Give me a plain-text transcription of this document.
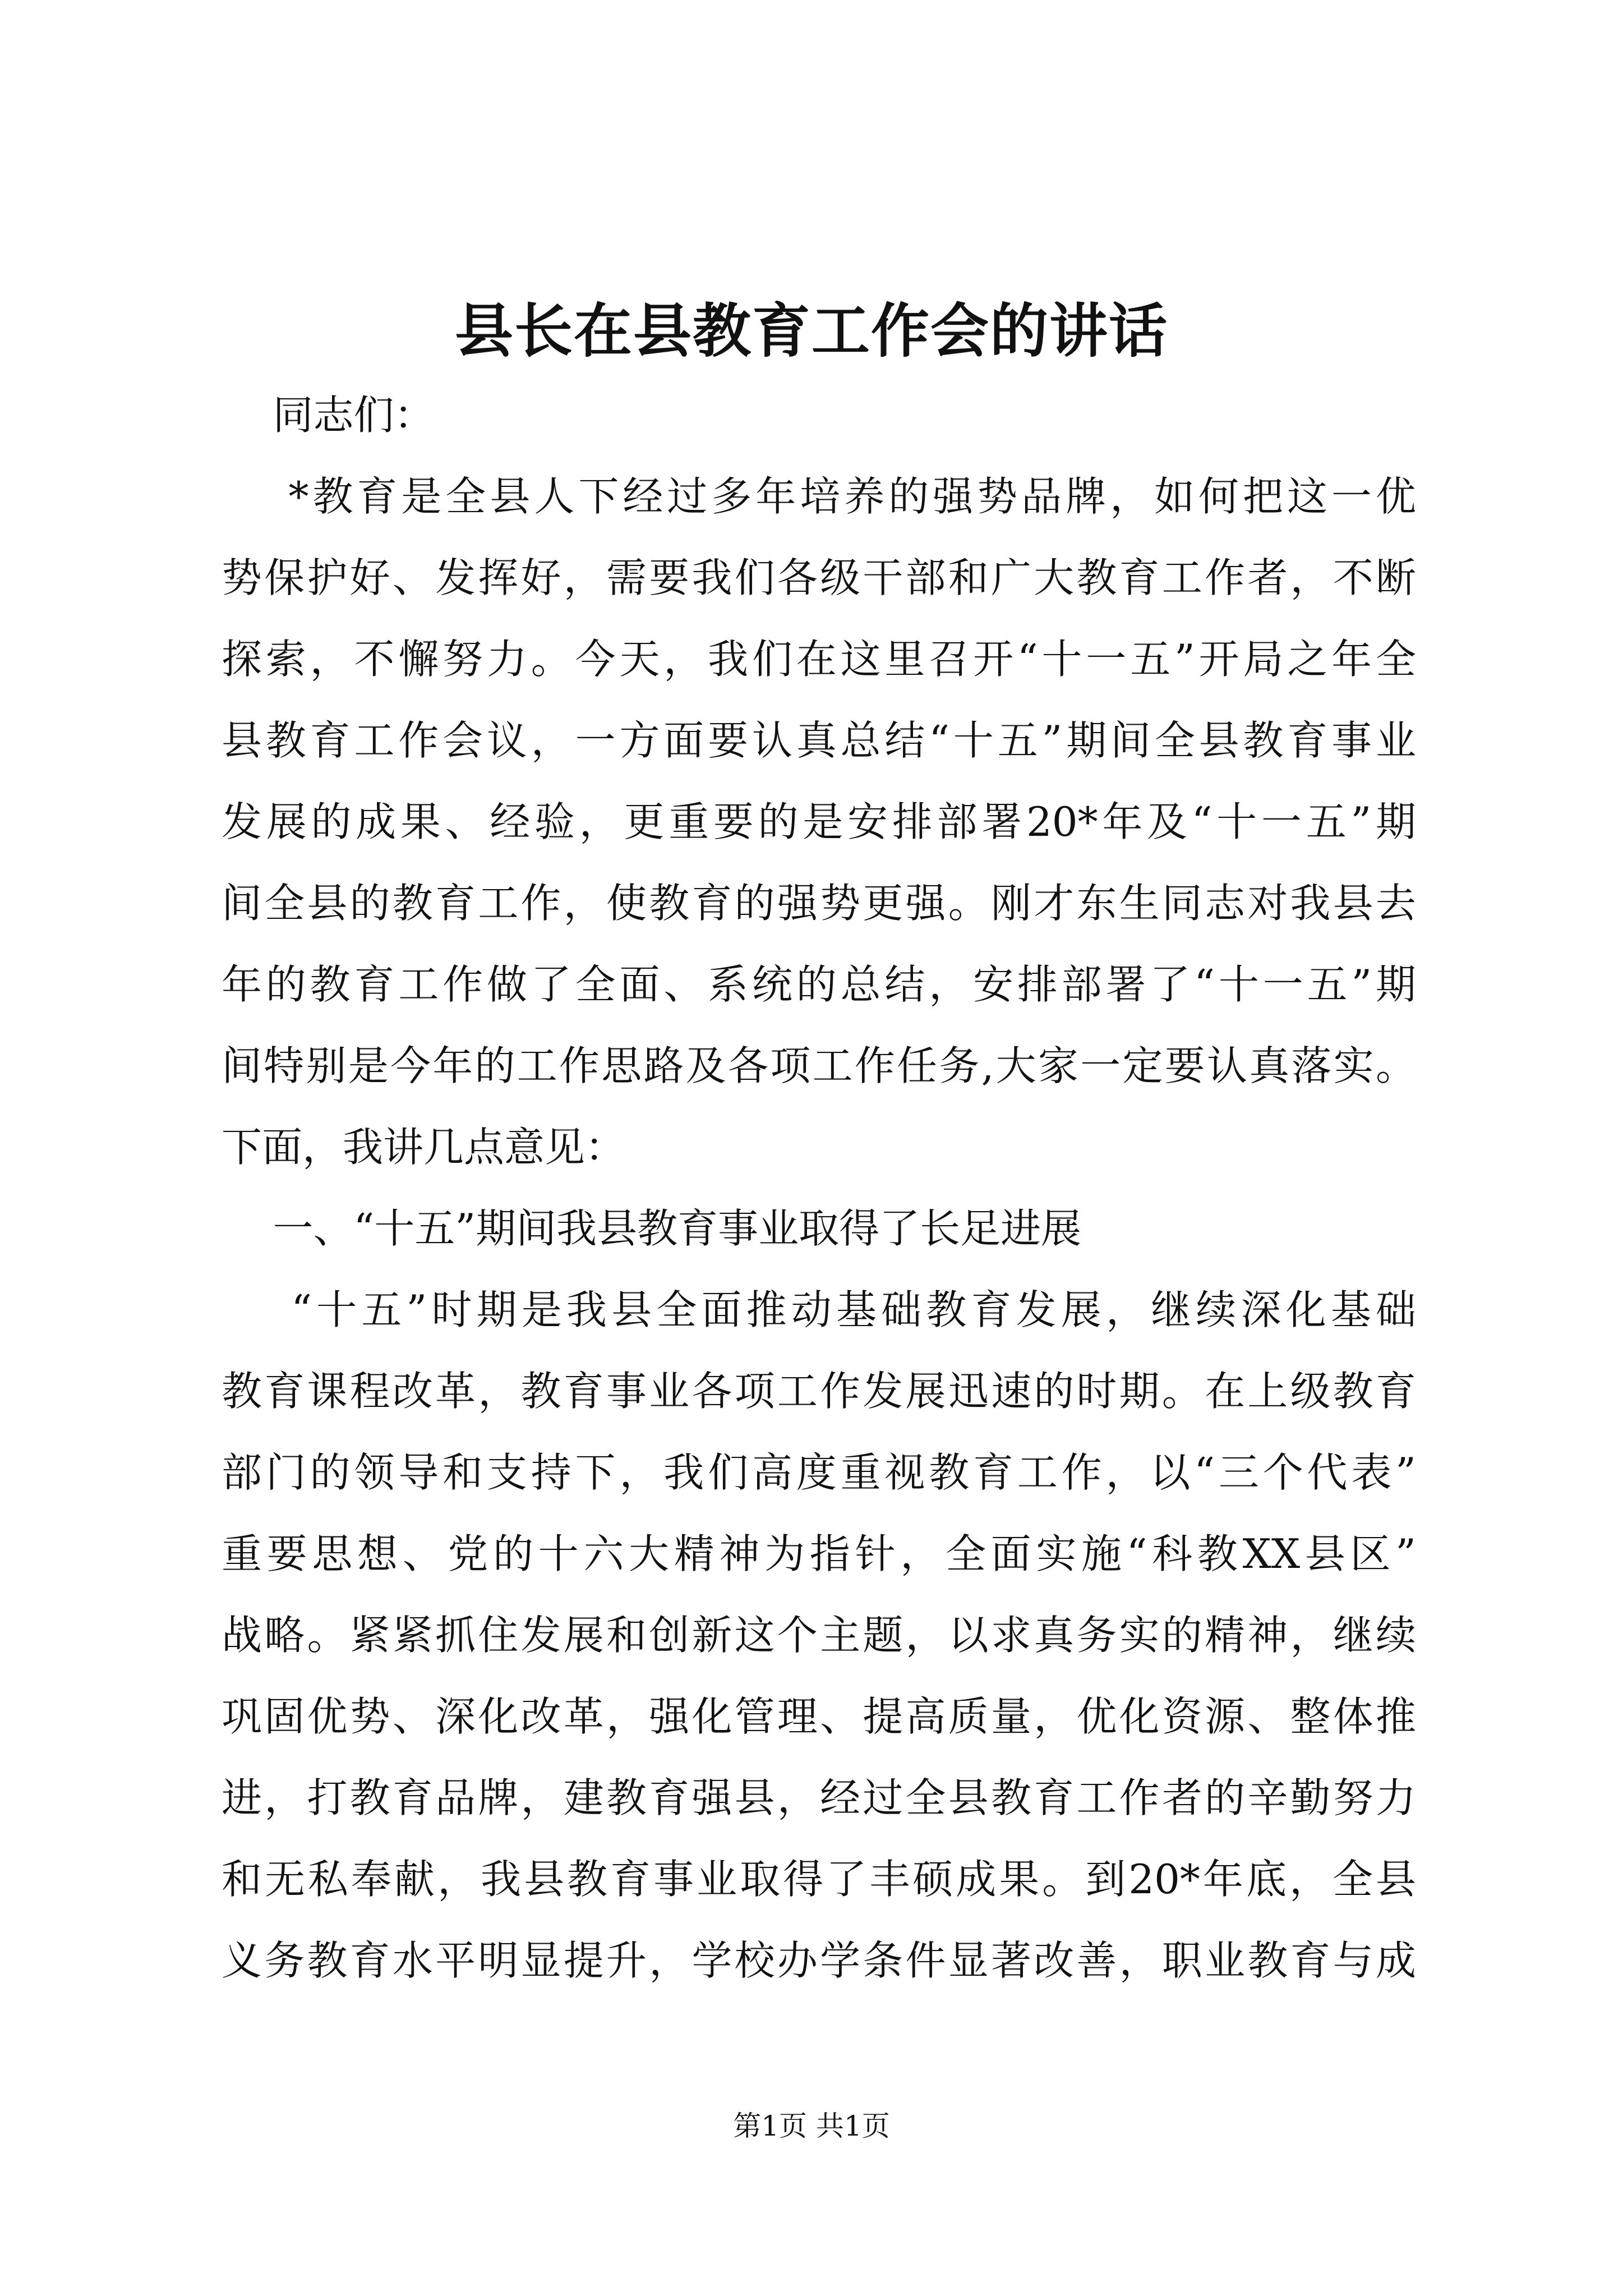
县长在县教育工作会的讲话
同志们：
*教育是全县人下经过多年培养的强势品牌，如何把这一优
势保护好、发挥好，需要我们各级干部和广大教育工作者，不断
探索，不懈努力。今天，我们在这里召开“十一五”开局之年全
县教育工作会议，一方面要认真总结“十五”期间全县教育事业
发展的成果、经验，更重要的是安排部署20*年及“十一五”期
间全县的教育工作，使教育的强势更强。刚才东生同志对我县去
年的教育工作做了全面、系统的总结，安排部署了“十一五”期
间特别是今年的工作思路及各项工作任务,大家一定要认真落实。
下面，我讲几点意见：
一、“十五”期间我县教育事业取得了长足进展
“十五”时期是我县全面推动基础教育发展，继续深化基础
教育课程改革，教育事业各项工作发展迅速的时期。在上级教育
部门的领导和支持下，我们高度重视教育工作，以“三个代表”
重要思想、党的十六大精神为指针，全面实施“科教XX县区”
战略。紧紧抓住发展和创新这个主题，以求真务实的精神，继续
巩固优势、深化改革，强化管理、提高质量，优化资源、整体推
进，打教育品牌，建教育强县，经过全县教育工作者的辛勤努力
和无私奉献，我县教育事业取得了丰硕成果。到20*年底，全县
义务教育水平明显提升，学校办学条件显著改善，职业教育与成
第1页 共1页
